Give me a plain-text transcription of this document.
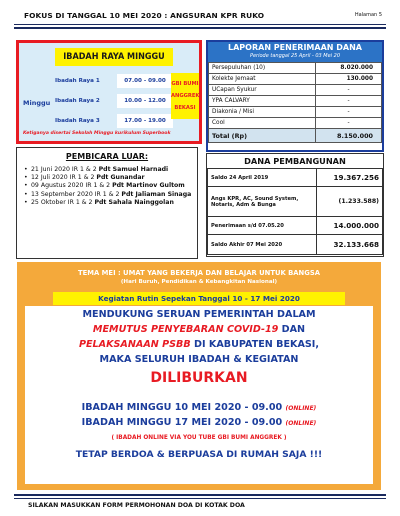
FOKUS DI TANGGAL 10 MEI 2020 : ANGSURAN KPR RUKO	Halaman 5
IBADAH RAYA MINGGU
Minggu
Ibadah Raya 1	07.00 - 09.00
Ibadah Raya 2	10.00 - 12.00
Ibadah Raya 3	17.00 - 19.00
GBI BUMI
ANGGREK
BEKASI
Ketiganya disertai Sekolah Minggu kurikulum Superbook
LAPORAN PENERIMAAN DANA
Periode tanggal 25 April - 03 Mei 20
Persepuluhan (10)	8.020.000
Kolekte Jemaat	130.000
UCapan Syukur	-
YPA CALVARY	-
Diakonia / Misi	-
Cool	-
Total (Rp)	8.150.000
PEMBICARA LUAR:
• 21 Juni 2020 IR 1 & 2 Pdt Samuel Harnadi
• 12 Juli 2020 IR 1 & 2 Pdt Gunandar
• 09 Agustus 2020 IR 1 & 2 Pdt Martinov Gultom
• 13 September 2020 IR 1 & 2 Pdt Jaliaman Sinaga
• 25 Oktober IR 1 & 2 Pdt Sahala Nainggolan
DANA PEMBANGUNAN
Saldo 24 April 2019	19.367.256
Angs KPR, AC, Sound System, Notaris, Adm & Bunga	(1.233.588)
Penerimaan s/d 07.05.20	14.000.000
Saldo Akhir 07 Mei 2020	32.133.668
TEMA MEI : UMAT YANG BEKERJA DAN BELAJAR UNTUK BANGSA
(Hari Buruh, Pendidikan & Kebangkitan Nasional)
Kegiatan Rutin Sepekan Tanggal 10 - 17 Mei 2020
MENDUKUNG SERUAN PEMERINTAH DALAM
MEMUTUS PENYEBARAN COVID-19 DAN
PELAKSANAAN PSBB DI KABUPATEN BEKASI,
MAKA SELURUH IBADAH & KEGIATAN
DILIBURKAN
IBADAH MINGGU 10 MEI 2020 - 09.00 (ONLINE)
IBADAH MINGGU 17 MEI 2020 - 09.00 (ONLINE)
( IBADAH ONLINE VIA YOU TUBE GBI BUMI ANGGREK )
TETAP BERDOA & BERPUASA DI RUMAH SAJA !!!
SILAKAN MASUKKAN FORM PERMOHONAN DOA DI KOTAK DOA
